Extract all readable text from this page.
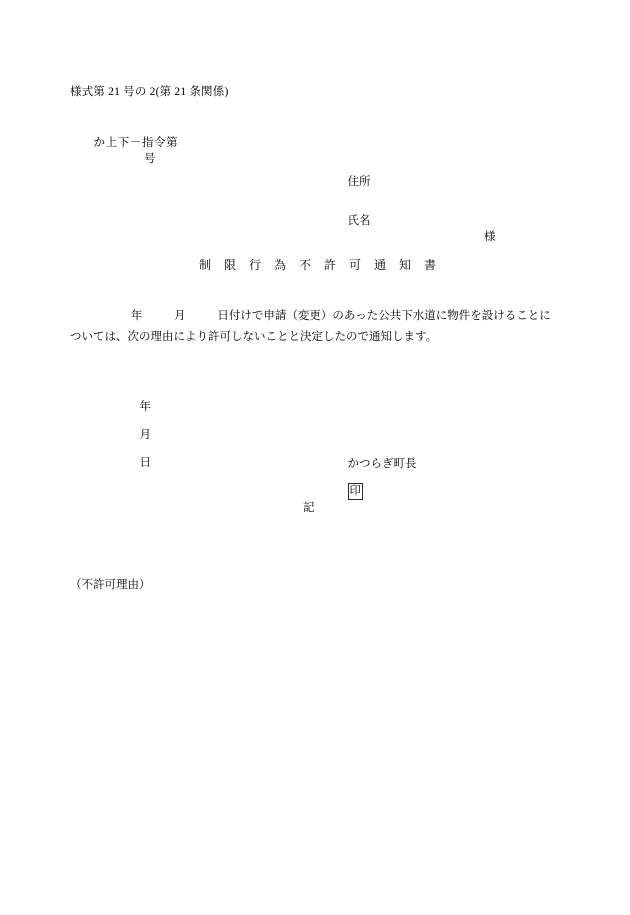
様式第 21 号の 2(第 21 条関係)

か上下－指令第
号

住所

氏名
様

制　限　行　為　不　許　可　通　知　書
年	月	日付けで申請（変更）のあった公共下水道に物件を設けることについては、次の理由により許可しないことと決定したので通知します。

年

月

日
	かつらぎ町長

印

記
（不許可理由）
